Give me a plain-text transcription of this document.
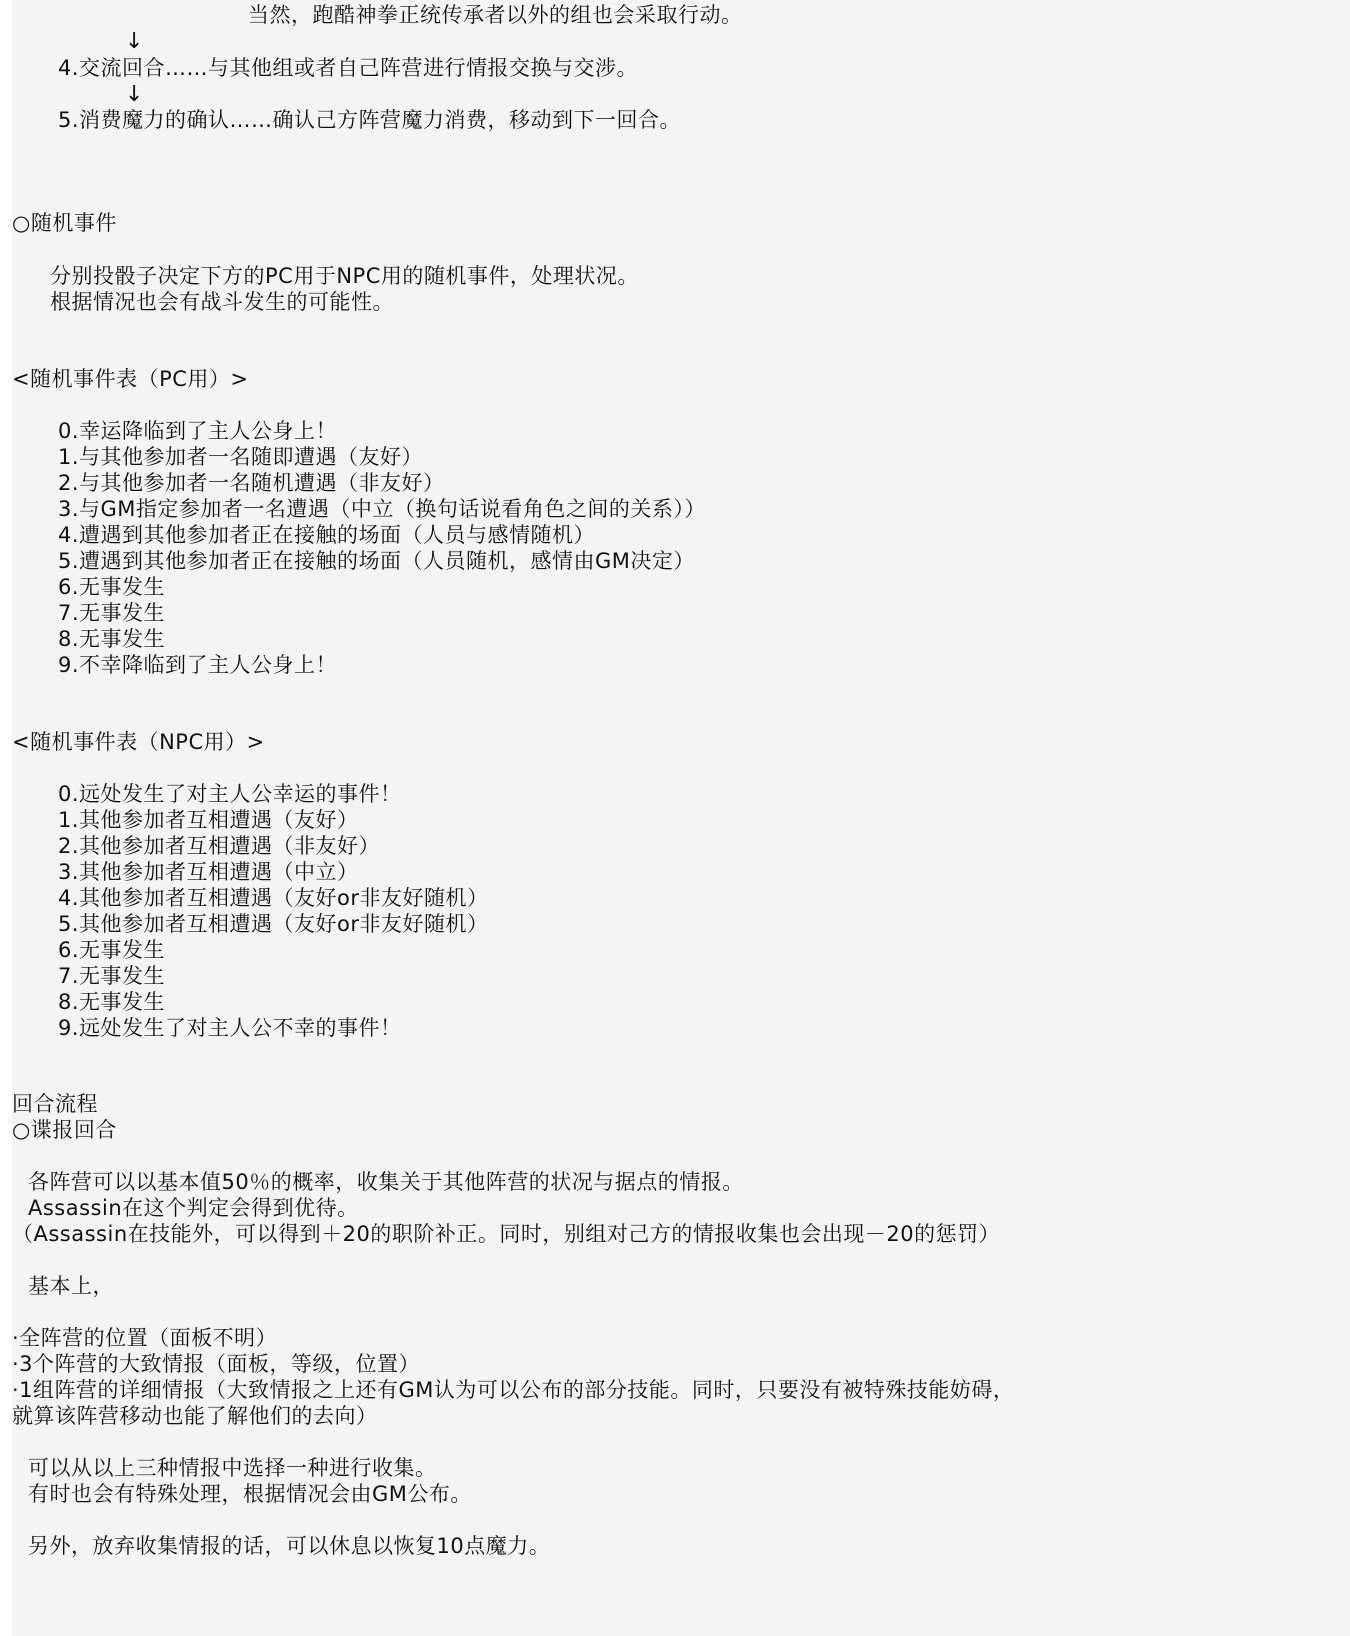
当然，跑酷神拳正统传承者以外的组也会采取行动。
↓
4.交流回合……与其他组或者自己阵营进行情报交换与交涉。
↓
5.消费魔力的确认……确认己方阵营魔力消费，移动到下一回合。
○随机事件
分别投骰子决定下方的PC用于NPC用的随机事件，处理状况。
根据情况也会有战斗发生的可能性。
<随机事件表（PC用）>
0.幸运降临到了主人公身上！
1.与其他参加者一名随即遭遇（友好）
2.与其他参加者一名随机遭遇（非友好）
3.与GM指定参加者一名遭遇（中立（换句话说看角色之间的关系））
4.遭遇到其他参加者正在接触的场面（人员与感情随机）
5.遭遇到其他参加者正在接触的场面（人员随机，感情由GM决定）
6.无事发生
7.无事发生
8.无事发生
9.不幸降临到了主人公身上！
<随机事件表（NPC用）>
0.远处发生了对主人公幸运的事件！
1.其他参加者互相遭遇（友好）
2.其他参加者互相遭遇（非友好）
3.其他参加者互相遭遇（中立）
4.其他参加者互相遭遇（友好or非友好随机）
5.其他参加者互相遭遇（友好or非友好随机）
6.无事发生
7.无事发生
8.无事发生
9.远处发生了对主人公不幸的事件！
回合流程
○谍报回合
各阵营可以以基本值50％的概率，收集关于其他阵营的状况与据点的情报。
Assassin在这个判定会得到优待。
（Assassin在技能外，可以得到＋20的职阶补正。同时，别组对己方的情报收集也会出现－20的惩罚）
基本上，
·全阵营的位置（面板不明）
·3个阵营的大致情报（面板，等级，位置）
·1组阵营的详细情报（大致情报之上还有GM认为可以公布的部分技能。同时，只要没有被特殊技能妨碍，
就算该阵营移动也能了解他们的去向）
可以从以上三种情报中选择一种进行收集。
有时也会有特殊处理，根据情况会由GM公布。
另外，放弃收集情报的话，可以休息以恢复10点魔力。
